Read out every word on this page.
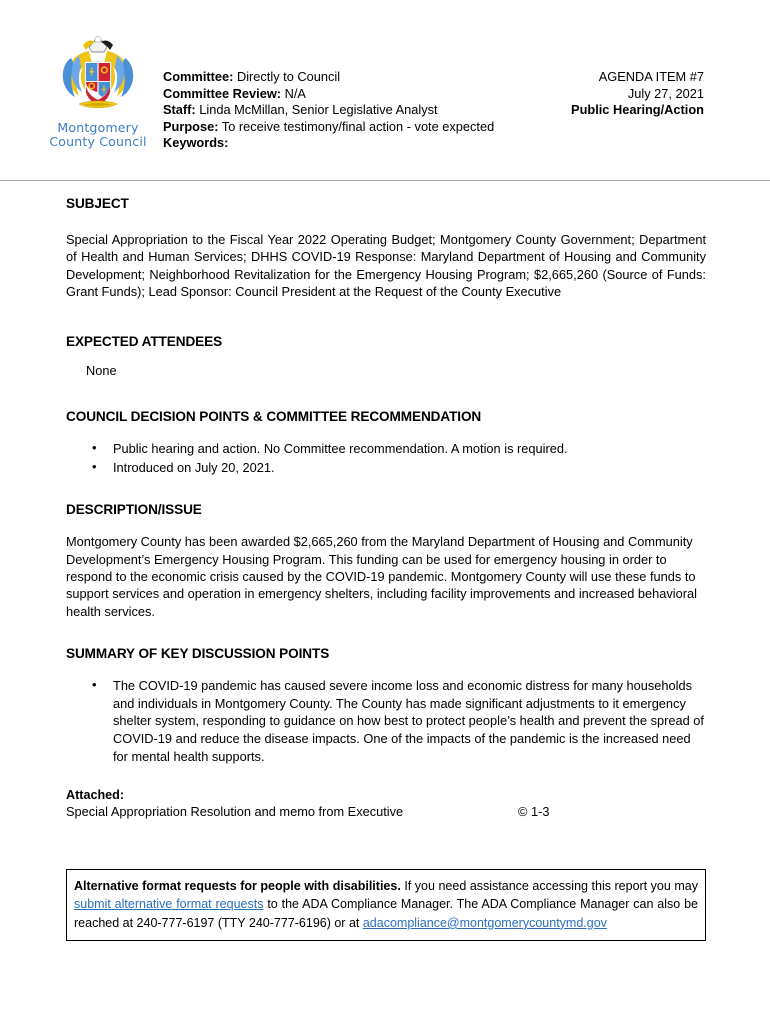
Montgomery
County Council
Committee: Directly to Council
Committee Review: N/A
Staff: Linda McMillan, Senior Legislative Analyst
Purpose: To receive testimony/final action - vote expected
Keywords:
AGENDA ITEM #7
July 27, 2021
Public Hearing/Action
SUBJECT

Special Appropriation to the Fiscal Year 2022 Operating Budget; Montgomery County Government; Department of Health and Human Services; DHHS COVID-19 Response: Maryland Department of Housing and Community Development; Neighborhood Revitalization for the Emergency Housing Program; $2,665,260 (Source of Funds: Grant Funds); Lead Sponsor: Council President at the Request of the County Executive

EXPECTED ATTENDEES
None
COUNCIL DECISION POINTS & COMMITTEE RECOMMENDATION
• Public hearing and action. No Committee recommendation. A motion is required.
• Introduced on July 20, 2021.
DESCRIPTION/ISSUE

Montgomery County has been awarded $2,665,260 from the Maryland Department of Housing and Community Development’s Emergency Housing Program. This funding can be used for emergency housing in order to respond to the economic crisis caused by the COVID-19 pandemic. Montgomery County will use these funds to support services and operation in emergency shelters, including facility improvements and increased behavioral health services.

SUMMARY OF KEY DISCUSSION POINTS
• The COVID-19 pandemic has caused severe income loss and economic distress for many households and individuals in Montgomery County. The County has made significant adjustments to it emergency shelter system, responding to guidance on how best to protect people’s health and prevent the spread of COVID-19 and reduce the disease impacts. One of the impacts of the pandemic is the increased need for mental health supports.
Attached:
Special Appropriation Resolution and memo from Executive	© 1-3

Alternative format requests for people with disabilities. If you need assistance accessing this report you may submit alternative format requests to the ADA Compliance Manager. The ADA Compliance Manager can also be reached at 240-777-6197 (TTY 240-777-6196) or at adacompliance@montgomerycountymd.gov
